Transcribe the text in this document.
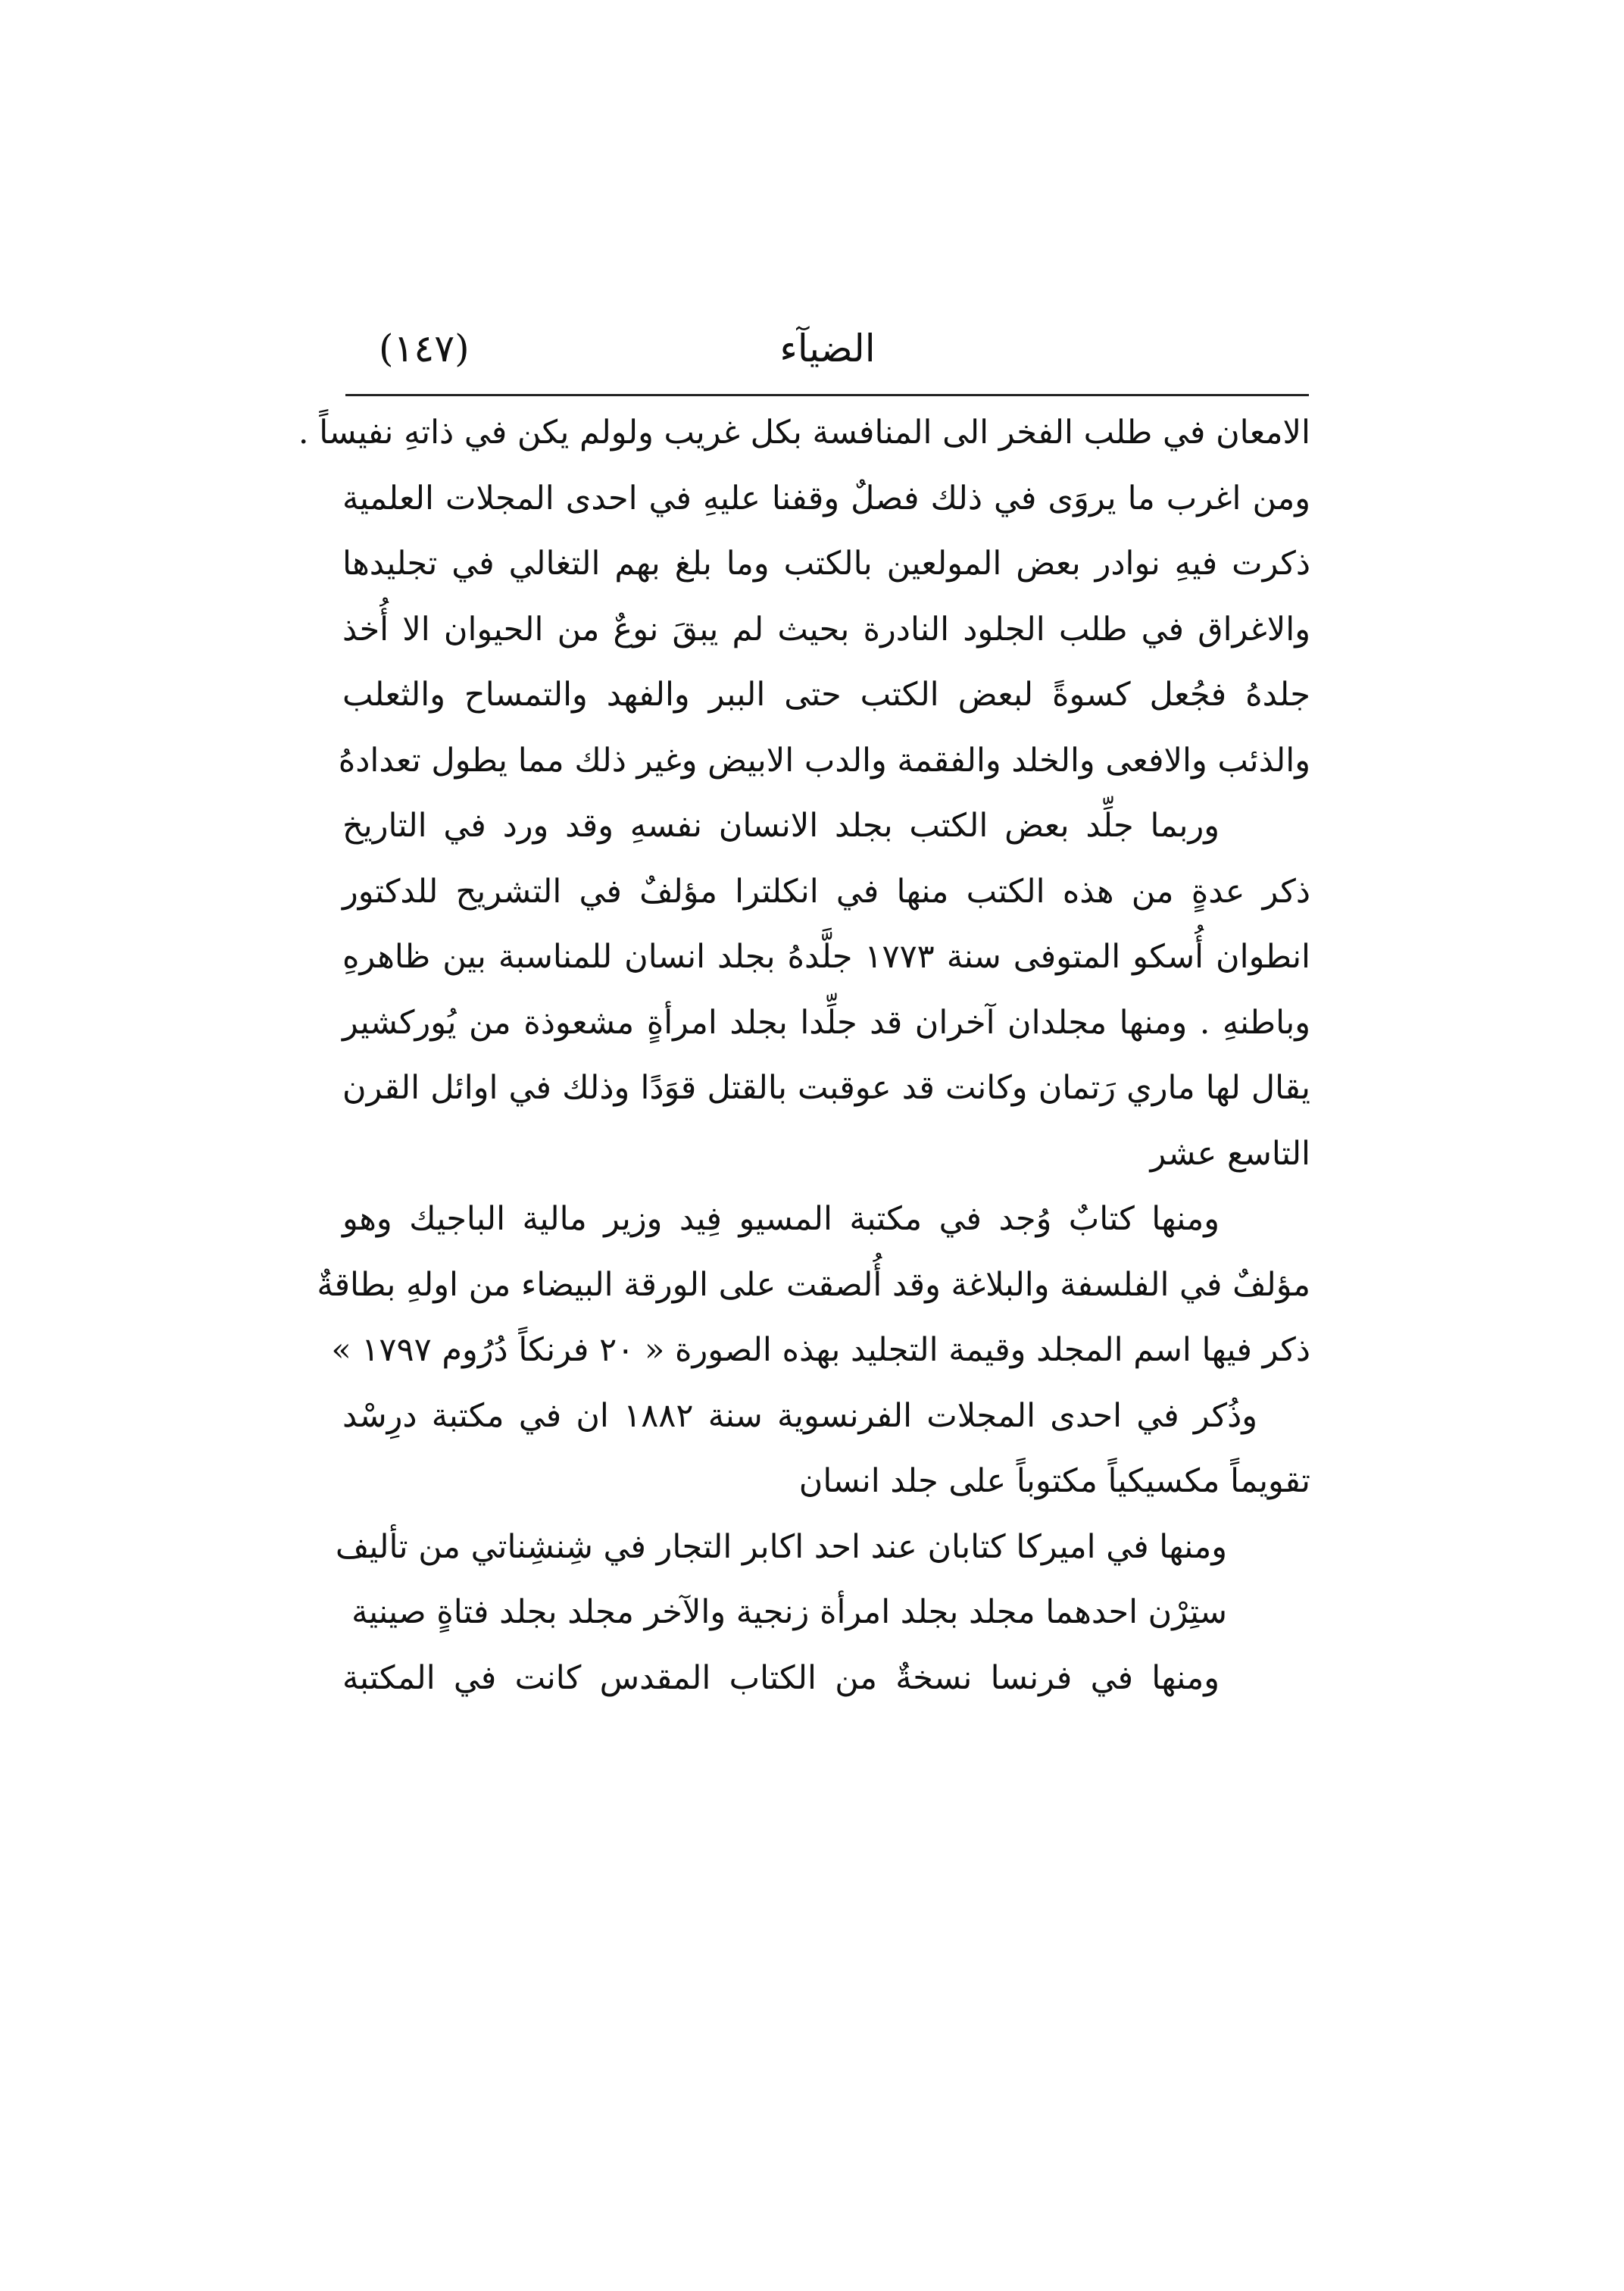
الضيآء
(١٤٧)
الامعان في طلب الفخر الى المنافسة بكل غريب ولولم يكن في ذاتهِ نفيساً .
ومن اغرب ما يروَى في ذلك فصلٌ وقفنا عليهِ في احدى المجلات العلمية
ذكرت فيهِ نوادر بعض المولعين بالكتب وما بلغ بهم التغالي في تجليدها
والاغراق في طلب الجلود النادرة بحيث لم يبقَ نوعٌ من الحيوان الا أُخذ
جلدهُ فجُعل كسوةً لبعض الكتب حتى الببر والفهد والتمساح والثعلب
والذئب والافعى والخلد والفقمة والدب الابيض وغير ذلك مما يطول تعدادهُ
وربما جلِّد بعض الكتب بجلد الانسان نفسهِ وقد ورد في التاريخ
ذكر عدةٍ من هذه الكتب منها في انكلترا مؤلفٌ في التشريح للدكتور
انطوان أُسكو المتوفى سنة ١٧٧٣ جلَّدهُ بجلد انسان للمناسبة بين ظاهرهِ
وباطنهِ . ومنها مجلدان آخران قد جلِّدا بجلد امرأةٍ مشعوذة من يُوركشير
يقال لها ماري رَتمان وكانت قد عوقبت بالقتل قوَدًا وذلك في اوائل القرن
التاسع عشر
ومنها كتابٌ وُجد في مكتبة المسيو فِيد وزير مالية الباجيك وهو
مؤلفٌ في الفلسفة والبلاغة وقد أُلصقت على الورقة البيضاء من اولهِ بطاقةٌ
ذكر فيها اسم المجلد وقيمة التجليد بهذه الصورة « ٢٠ فرنكاً دُرُوم ١٧٩٧ »
وذُكر في احدى المجلات الفرنسوية سنة ١٨٨٢ ان في مكتبة درِسْد
تقويماً مكسيكياً مكتوباً على جلد انسان
ومنها في اميركا كتابان عند احد اكابر التجار في شِنشِناتي من تأليف
ستِرْن احدهما مجلد بجلد امرأة زنجية والآخر مجلد بجلد فتاةٍ صينية
ومنها في فرنسا نسخةٌ من الكتاب المقدس كانت في المكتبة
